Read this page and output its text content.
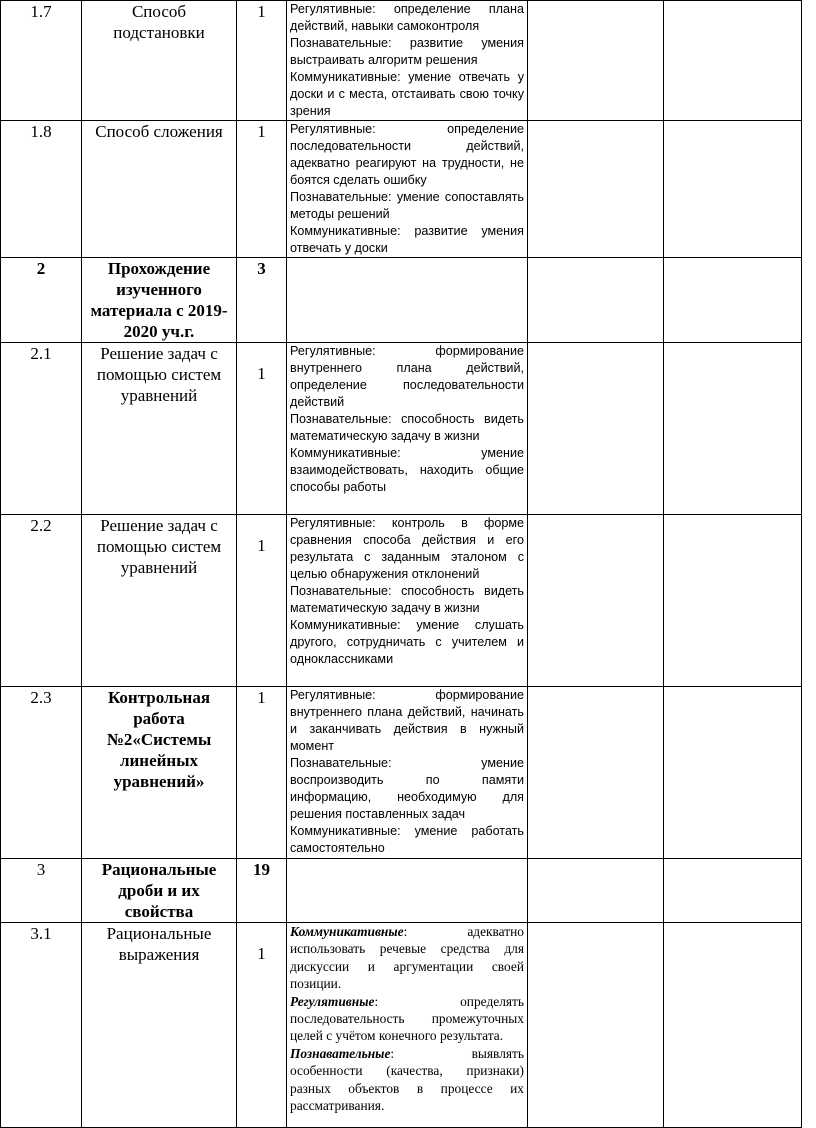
1.7	Способ подстановки	1	Регулятивные: определение плана действий, навыки самоконтроля
Познавательные: развитие умения выстраивать алгоритм решения
Коммуникативные: умение отвечать у доски и с места, отстаивать свою точку зрения		

1.8	Способ сложения	1	Регулятивные: определение последовательности действий, адекватно реагируют на трудности, не боятся сделать ошибку
Познавательные: умение сопоставлять методы решений
Коммуникативные: развитие умения отвечать у доски		

2	Прохождение изученного материала с 2019-2020 уч.г.	3			
2.1	Решение задач с помощью систем уравнений	1	Регулятивные: формирование внутреннего плана действий, определение последовательности действий
Познавательные: способность видеть математическую задачу в жизни
Коммуникативные: умение взаимодействовать, находить общие способы работы		

2.2	Решение задач с помощью систем уравнений	1	Регулятивные: контроль в форме сравнения способа действия и его результата с заданным эталоном с целью обнаружения отклонений
Познавательные: способность видеть математическую задачу в жизни
Коммуникативные: умение слушать другого, сотрудничать с учителем и одноклассниками		

2.3	Контрольная работа №2«Системы линейных уравнений»	1	Регулятивные: формирование внутреннего плана действий, начинать и заканчивать действия в нужный момент
Познавательные: умение воспроизводить по памяти информацию, необходимую для решения поставленных задач
Коммуникативные: умение работать самостоятельно		

3	Рациональные дроби и их свойства	19			
3.1	Рациональные выражения	1	Коммуникативные: адекватно использовать речевые средства для дискуссии и аргументации своей позиции.
Регулятивные: определять последовательность промежуточных целей с учётом конечного результата.
Познавательные: выявлять особенности (качества, признаки) разных объектов в процессе их рассматривания.		
